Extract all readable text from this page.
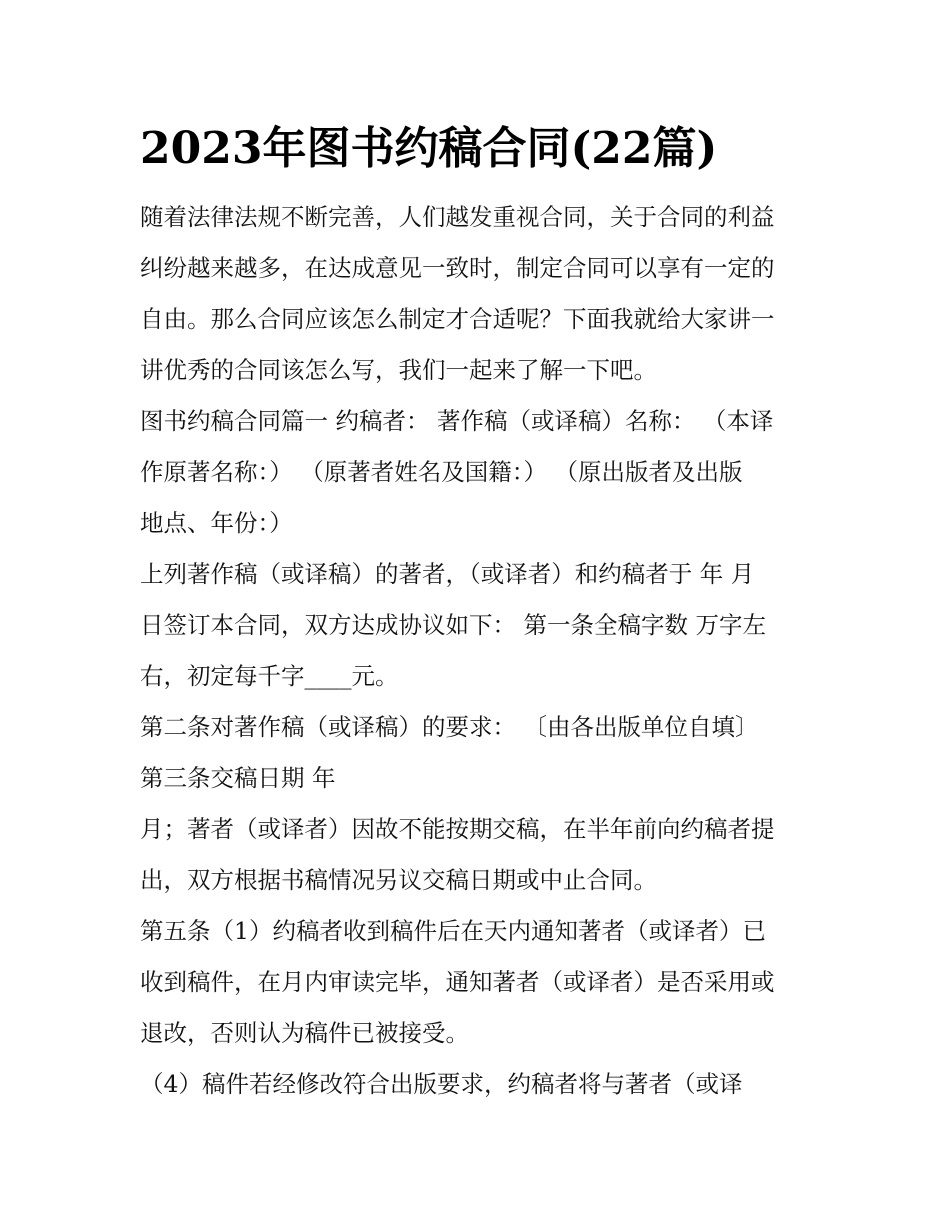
2023年图书约稿合同(22篇)

随着法律法规不断完善，人们越发重视合同，关于合同的利益
纠纷越来越多，在达成意见一致时，制定合同可以享有一定的
自由。那么合同应该怎么制定才合适呢？下面我就给大家讲一
讲优秀的合同该怎么写，我们一起来了解一下吧。

图书约稿合同篇一 约稿者： 著作稿（或译稿）名称： （本译
作原著名称：） （原著者姓名及国籍：） （原出版者及出版
地点、年份：）

上列著作稿（或译稿）的著者，（或译者）和约稿者于 年 月
日签订本合同，双方达成协议如下： 第一条全稿字数 万字左
右，初定每千字____元。

第二条对著作稿（或译稿）的要求： 〔由各出版单位自填〕

第三条交稿日期 年

月；著者（或译者）因故不能按期交稿，在半年前向约稿者提
出，双方根据书稿情况另议交稿日期或中止合同。

第五条（1）约稿者收到稿件后在天内通知著者（或译者）已
收到稿件，在月内审读完毕，通知著者（或译者）是否采用或
退改，否则认为稿件已被接受。

（4）稿件若经修改符合出版要求，约稿者将与著者（或译
